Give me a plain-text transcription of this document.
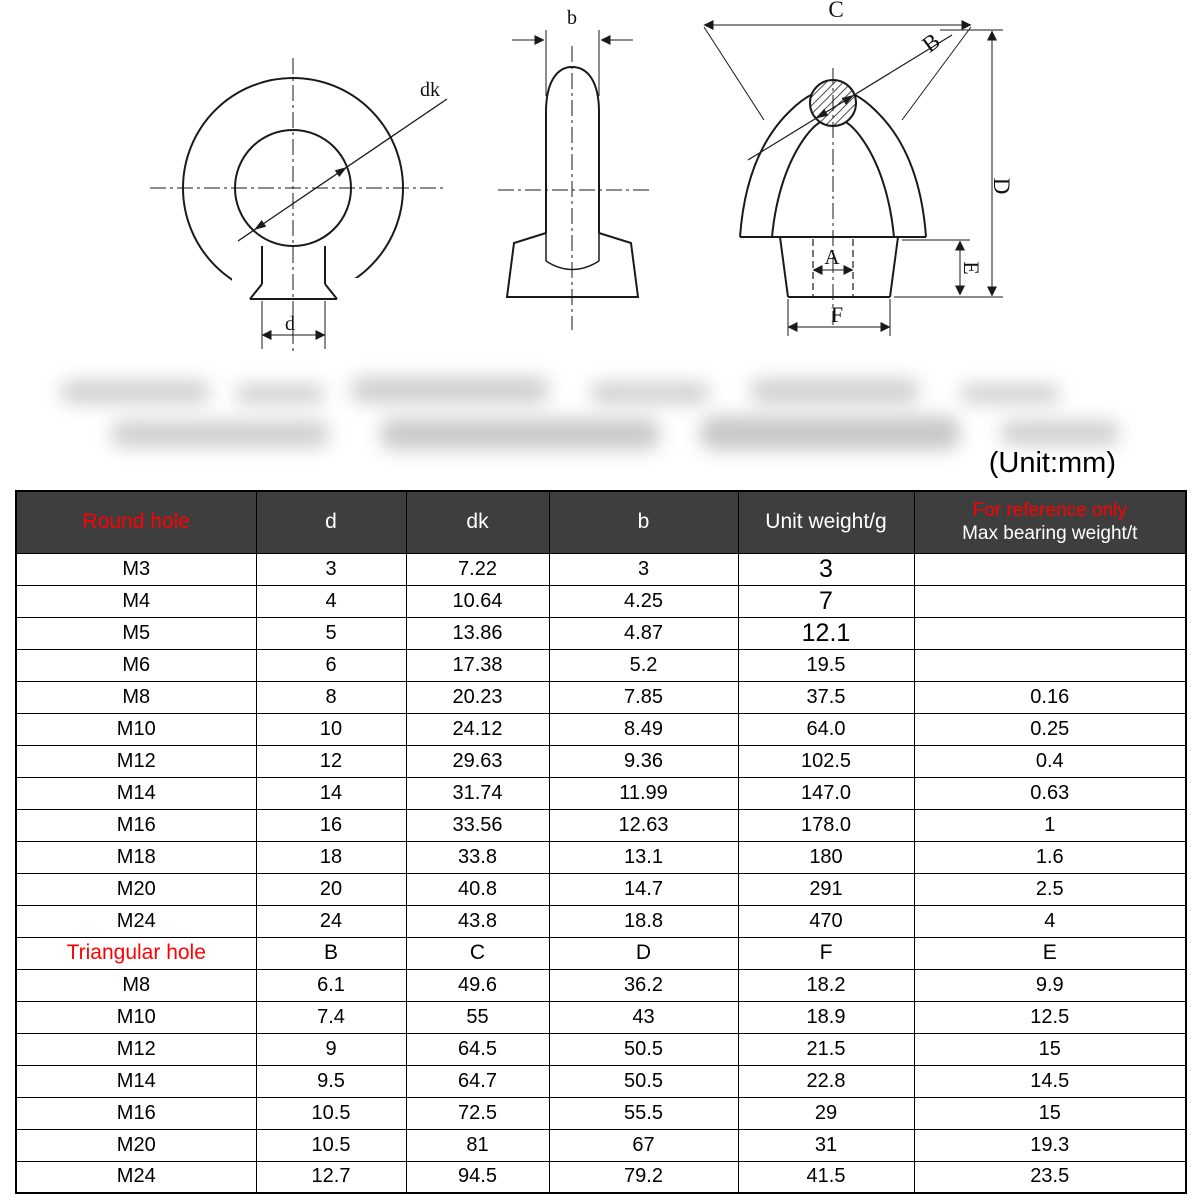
dk
d
b	C
B
D
E
A
F
(Unit:mm)
Round hole	d	dk	b	Unit weight/g	For reference only
Max bearing weight/t

M3	3	7.22	3	3	
M4	4	10.64	4.25	7	
M5	5	13.86	4.87	12.1	
M6	6	17.38	5.2	19.5	
M8	8	20.23	7.85	37.5	0.16
M10	10	24.12	8.49	64.0	0.25
M12	12	29.63	9.36	102.5	0.4
M14	14	31.74	11.99	147.0	0.63
M16	16	33.56	12.63	178.0	1
M18	18	33.8	13.1	180	1.6
M20	20	40.8	14.7	291	2.5
M24	24	43.8	18.8	470	4
Triangular hole	B	C	D	F	E
M8	6.1	49.6	36.2	18.2	9.9
M10	7.4	55	43	18.9	12.5
M12	9	64.5	50.5	21.5	15
M14	9.5	64.7	50.5	22.8	14.5
M16	10.5	72.5	55.5	29	15
M20	10.5	81	67	31	19.3
M24	12.7	94.5	79.2	41.5	23.5
